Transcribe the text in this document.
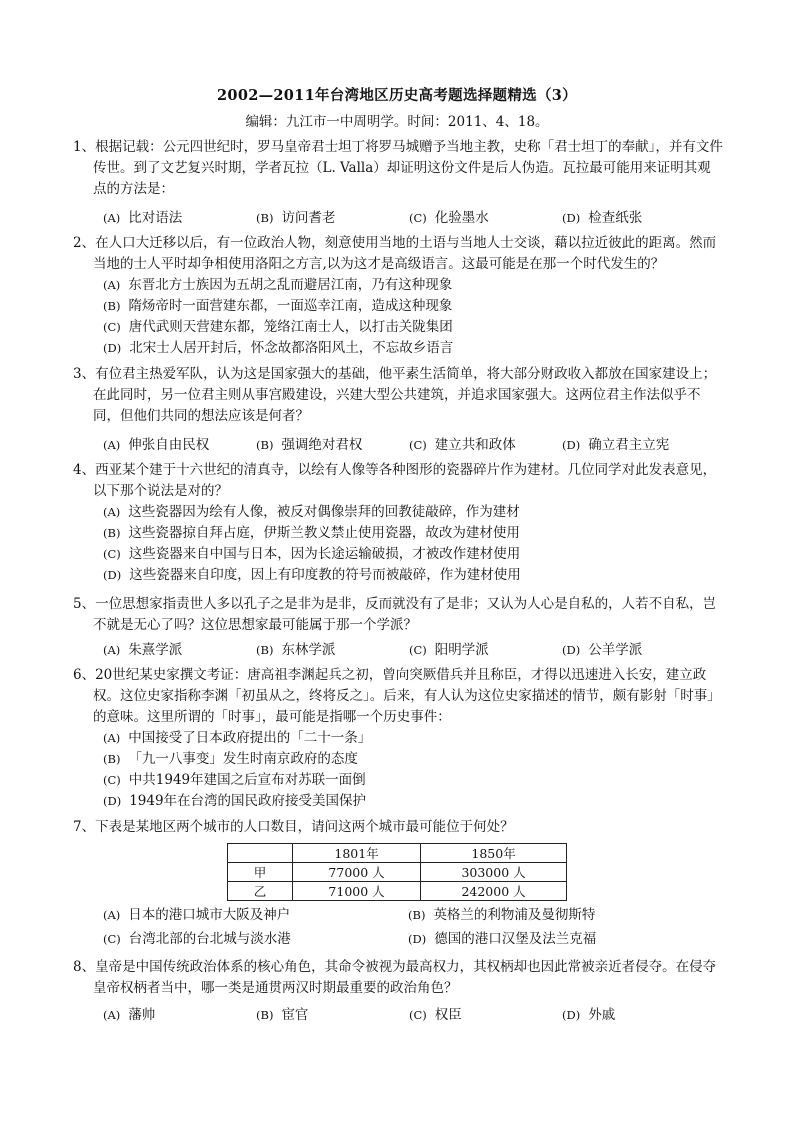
2002—2011年台湾地区历史高考题选择题精选（3）
编辑：九江市一中周明学。时间：2011、4、18。
1、根据记载：公元四世纪时，罗马皇帝君士坦丁将罗马城赠予当地主教，史称「君士坦丁的奉献」，并有文件传世。到了文艺复兴时期，学者瓦拉（L. Valla）却证明这份文件是后人伪造。瓦拉最可能用来证明其观点的方法是：
(A) 比对语法	(B) 访问耆老	(C) 化验墨水	(D) 检查纸张
2、在人口大迁移以后，有一位政治人物，刻意使用当地的土语与当地人士交谈，藉以拉近彼此的距离。然而当地的士人平时却争相使用洛阳之方言,以为这才是高级语言。这最可能是在那一个时代发生的？
(A) 东晋北方士族因为五胡之乱而避居江南，乃有这种现象
(B) 隋炀帝时一面营建东都，一面巡幸江南，造成这种现象
(C) 唐代武则天营建东都，笼络江南士人，以打击关陇集团
(D) 北宋士人居开封后，怀念故都洛阳风土，不忘故乡语言
3、有位君主热爱军队，认为这是国家强大的基础，他平素生活简单，将大部分财政收入都放在国家建设上；在此同时，另一位君主则从事宫殿建设，兴建大型公共建筑，并追求国家强大。这两位君主作法似乎不同，但他们共同的想法应该是何者？
(A) 伸张自由民权	(B) 强调绝对君权	(C) 建立共和政体	(D) 确立君主立宪
4、西亚某个建于十六世纪的清真寺，以绘有人像等各种图形的瓷器碎片作为建材。几位同学对此发表意见，以下那个说法是对的？
(A) 这些瓷器因为绘有人像，被反对偶像崇拜的回教徒敲碎，作为建材
(B) 这些瓷器掠自拜占庭，伊斯兰教义禁止使用瓷器，故改为建材使用
(C) 这些瓷器来自中国与日本，因为长途运输破损，才被改作建材使用
(D) 这些瓷器来自印度，因上有印度教的符号而被敲碎，作为建材使用
5、一位思想家指责世人多以孔子之是非为是非，反而就没有了是非；又认为人心是自私的，人若不自私，岂不就是无心了吗？这位思想家最可能属于那一个学派？
(A) 朱熹学派	(B) 东林学派	(C) 阳明学派	(D) 公羊学派
6、20世纪某史家撰文考证：唐高祖李渊起兵之初，曾向突厥借兵并且称臣，才得以迅速进入长安，建立政权。这位史家指称李渊「初虽从之，终将反之」。后来，有人认为这位史家描述的情节，颇有影射「时事」的意味。这里所谓的「时事」，最可能是指哪一个历史事件：
(A) 中国接受了日本政府提出的「二十一条」
(B) 「九一八事变」发生时南京政府的态度
(C) 中共1949年建国之后宣布对苏联一面倒
(D) 1949年在台湾的国民政府接受美国保护
7、下表是某地区两个城市的人口数目，请问这两个城市最可能位于何处？
	1801年	1850年
甲	77000 人	303000 人
乙	71000 人	242000 人
(A) 日本的港口城市大阪及神户	(B) 英格兰的利物浦及曼彻斯特
(C) 台湾北部的台北城与淡水港	(D) 德国的港口汉堡及法兰克福
8、皇帝是中国传统政治体系的核心角色，其命令被视为最高权力，其权柄却也因此常被亲近者侵夺。在侵夺皇帝权柄者当中，哪一类是通贯两汉时期最重要的政治角色？
(A) 藩帅	(B) 宦官	(C) 权臣	(D) 外戚
